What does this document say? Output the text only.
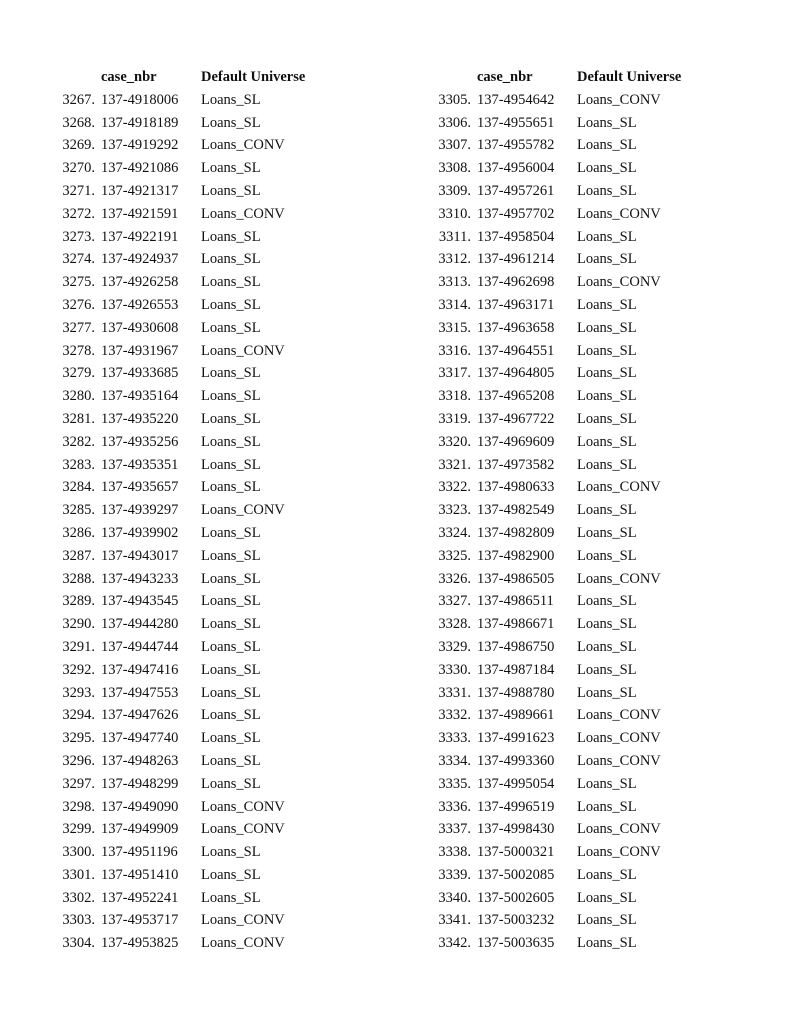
case_nbr	Default Universe
3267. 137-4918006 Loans_SL
3268. 137-4918189 Loans_SL
3269. 137-4919292 Loans_CONV
3270. 137-4921086 Loans_SL
3271. 137-4921317 Loans_SL
3272. 137-4921591 Loans_CONV
3273. 137-4922191 Loans_SL
3274. 137-4924937 Loans_SL
3275. 137-4926258 Loans_SL
3276. 137-4926553 Loans_SL
3277. 137-4930608 Loans_SL
3278. 137-4931967 Loans_CONV
3279. 137-4933685 Loans_SL
3280. 137-4935164 Loans_SL
3281. 137-4935220 Loans_SL
3282. 137-4935256 Loans_SL
3283. 137-4935351 Loans_SL
3284. 137-4935657 Loans_SL
3285. 137-4939297 Loans_CONV
3286. 137-4939902 Loans_SL
3287. 137-4943017 Loans_SL
3288. 137-4943233 Loans_SL
3289. 137-4943545 Loans_SL
3290. 137-4944280 Loans_SL
3291. 137-4944744 Loans_SL
3292. 137-4947416 Loans_SL
3293. 137-4947553 Loans_SL
3294. 137-4947626 Loans_SL
3295. 137-4947740 Loans_SL
3296. 137-4948263 Loans_SL
3297. 137-4948299 Loans_SL
3298. 137-4949090 Loans_CONV
3299. 137-4949909 Loans_CONV
3300. 137-4951196 Loans_SL
3301. 137-4951410 Loans_SL
3302. 137-4952241 Loans_SL
3303. 137-4953717 Loans_CONV
3304. 137-4953825 Loans_CONV
case_nbr	Default Universe
3305. 137-4954642 Loans_CONV
3306. 137-4955651 Loans_SL
3307. 137-4955782 Loans_SL
3308. 137-4956004 Loans_SL
3309. 137-4957261 Loans_SL
3310. 137-4957702 Loans_CONV
3311. 137-4958504 Loans_SL
3312. 137-4961214 Loans_SL
3313. 137-4962698 Loans_CONV
3314. 137-4963171 Loans_SL
3315. 137-4963658 Loans_SL
3316. 137-4964551 Loans_SL
3317. 137-4964805 Loans_SL
3318. 137-4965208 Loans_SL
3319. 137-4967722 Loans_SL
3320. 137-4969609 Loans_SL
3321. 137-4973582 Loans_SL
3322. 137-4980633 Loans_CONV
3323. 137-4982549 Loans_SL
3324. 137-4982809 Loans_SL
3325. 137-4982900 Loans_SL
3326. 137-4986505 Loans_CONV
3327. 137-4986511 Loans_SL
3328. 137-4986671 Loans_SL
3329. 137-4986750 Loans_SL
3330. 137-4987184 Loans_SL
3331. 137-4988780 Loans_SL
3332. 137-4989661 Loans_CONV
3333. 137-4991623 Loans_CONV
3334. 137-4993360 Loans_CONV
3335. 137-4995054 Loans_SL
3336. 137-4996519 Loans_SL
3337. 137-4998430 Loans_CONV
3338. 137-5000321 Loans_CONV
3339. 137-5002085 Loans_SL
3340. 137-5002605 Loans_SL
3341. 137-5003232 Loans_SL
3342. 137-5003635 Loans_SL
